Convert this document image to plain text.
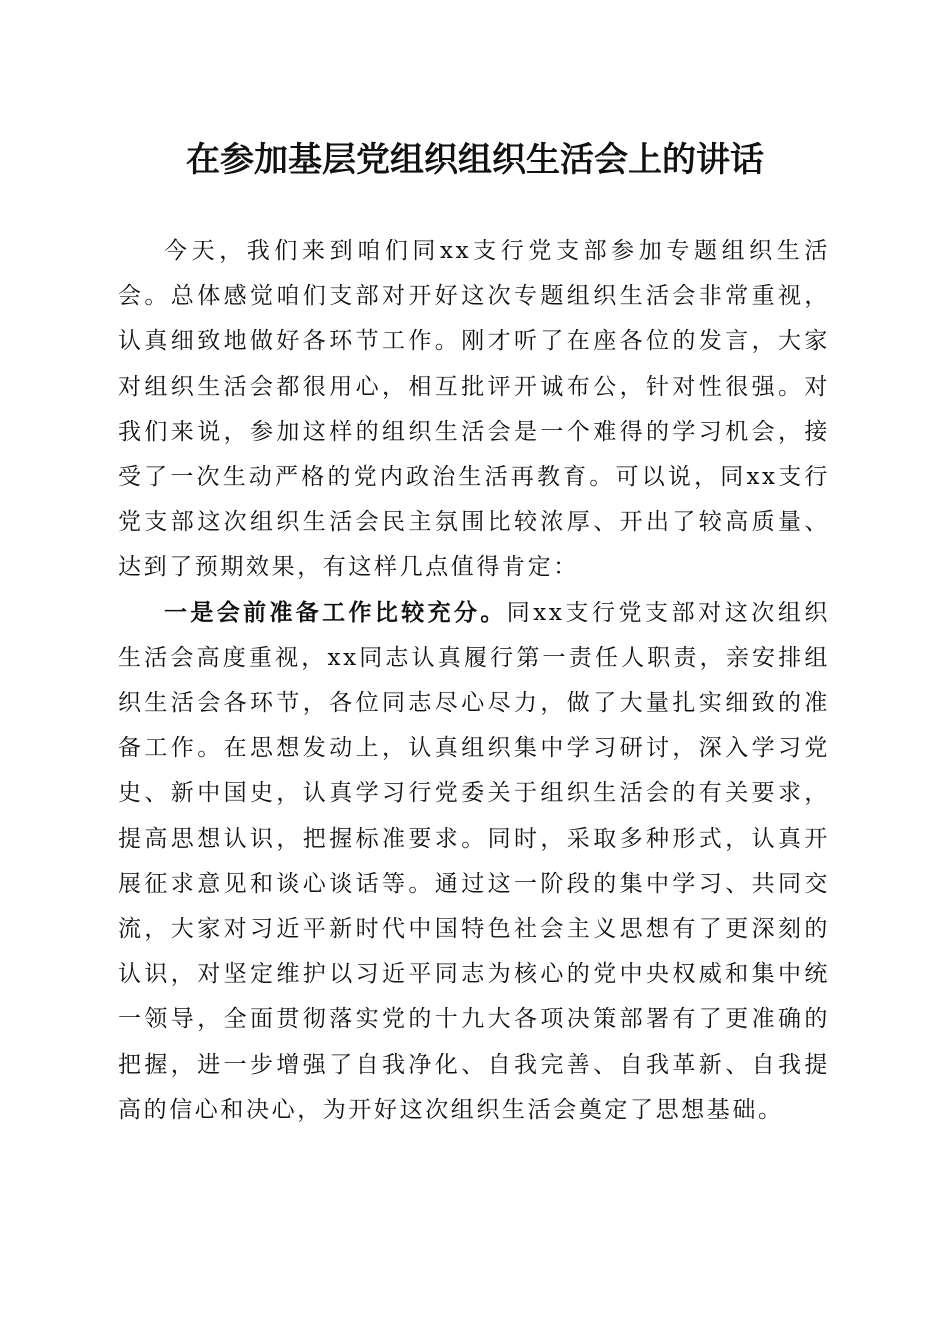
在参加基层党组织组织生活会上的讲话

今天，我们来到咱们同xx支行党支部参加专题组织生活会。总体感觉咱们支部对开好这次专题组织生活会非常重视，认真细致地做好各环节工作。刚才听了在座各位的发言，大家对组织生活会都很用心，相互批评开诚布公，针对性很强。对我们来说，参加这样的组织生活会是一个难得的学习机会，接受了一次生动严格的党内政治生活再教育。可以说，同xx支行党支部这次组织生活会民主氛围比较浓厚、开出了较高质量、达到了预期效果，有这样几点值得肯定：

一是会前准备工作比较充分。同xx支行党支部对这次组织生活会高度重视，xx同志认真履行第一责任人职责，亲安排组织生活会各环节，各位同志尽心尽力，做了大量扎实细致的准备工作。在思想发动上，认真组织集中学习研讨，深入学习党史、新中国史，认真学习行党委关于组织生活会的有关要求，提高思想认识，把握标准要求。同时，采取多种形式，认真开展征求意见和谈心谈话等。通过这一阶段的集中学习、共同交流，大家对习近平新时代中国特色社会主义思想有了更深刻的认识，对坚定维护以习近平同志为核心的党中央权威和集中统一领导，全面贯彻落实党的十九大各项决策部署有了更准确的把握，进一步增强了自我净化、自我完善、自我革新、自我提高的信心和决心，为开好这次组织生活会奠定了思想基础。
